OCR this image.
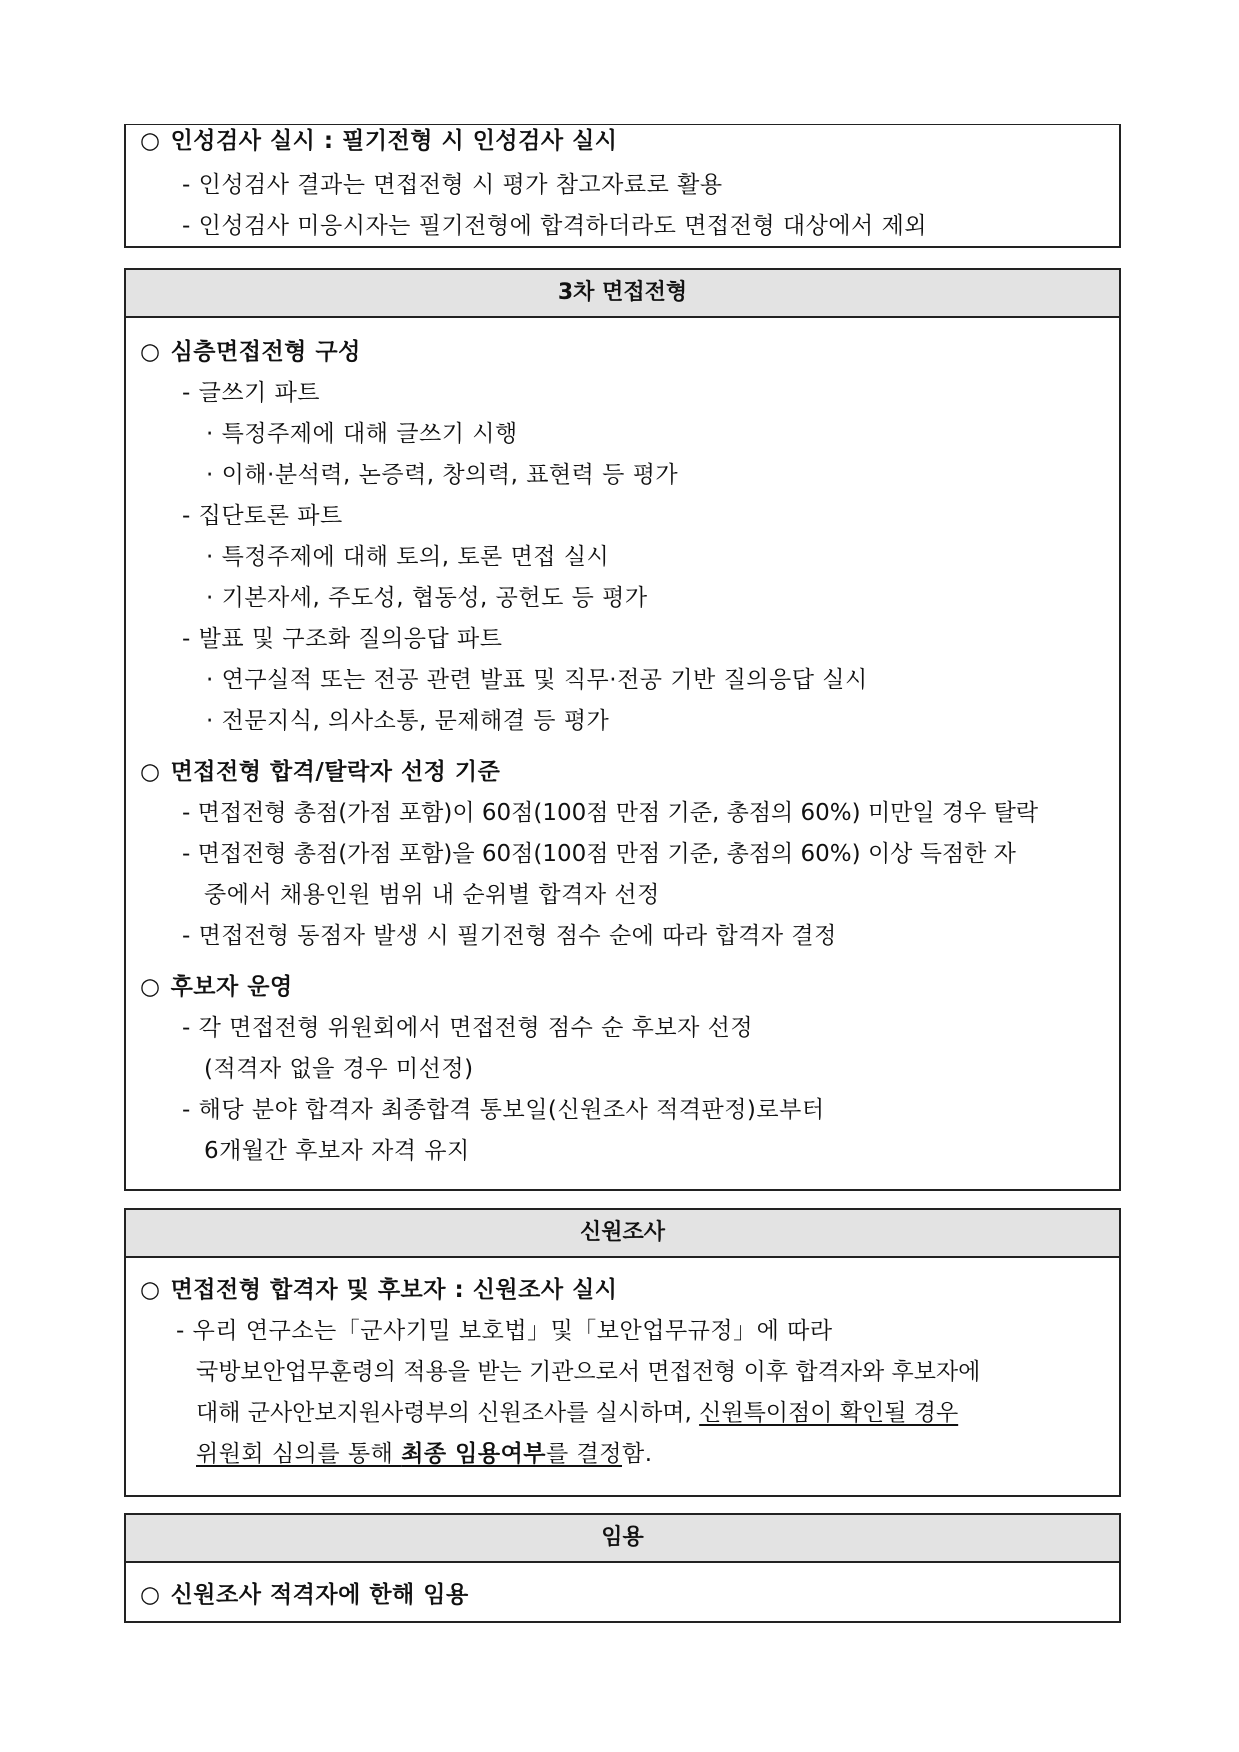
○ 인성검사 실시 : 필기전형 시 인성검사 실시
- 인성검사 결과는 면접전형 시 평가 참고자료로 활용
- 인성검사 미응시자는 필기전형에 합격하더라도 면접전형 대상에서 제외
3차 면접전형
○ 심층면접전형 구성
- 글쓰기 파트
· 특정주제에 대해 글쓰기 시행
· 이해·분석력, 논증력, 창의력, 표현력 등 평가
- 집단토론 파트
· 특정주제에 대해 토의, 토론 면접 실시
· 기본자세, 주도성, 협동성, 공헌도 등 평가
- 발표 및 구조화 질의응답 파트
· 연구실적 또는 전공 관련 발표 및 직무·전공 기반 질의응답 실시
· 전문지식, 의사소통, 문제해결 등 평가
○ 면접전형 합격/탈락자 선정 기준
- 면접전형 총점(가점 포함)이 60점(100점 만점 기준, 총점의 60%) 미만일 경우 탈락
- 면접전형 총점(가점 포함)을 60점(100점 만점 기준, 총점의 60%) 이상 득점한 자
중에서 채용인원 범위 내 순위별 합격자 선정
- 면접전형 동점자 발생 시 필기전형 점수 순에 따라 합격자 결정
○ 후보자 운영
- 각 면접전형 위원회에서 면접전형 점수 순 후보자 선정
(적격자 없을 경우 미선정)
- 해당 분야 합격자 최종합격 통보일(신원조사 적격판정)로부터
6개월간 후보자 자격 유지
신원조사
○ 면접전형 합격자 및 후보자 : 신원조사 실시
- 우리 연구소는「군사기밀 보호법」및「보안업무규정」에 따라
국방보안업무훈령의 적용을 받는 기관으로서 면접전형 이후 합격자와 후보자에
대해 군사안보지원사령부의 신원조사를 실시하며, 신원특이점이 확인될 경우
위원회 심의를 통해 최종 임용여부를 결정함.
임용
○ 신원조사 적격자에 한해 임용
